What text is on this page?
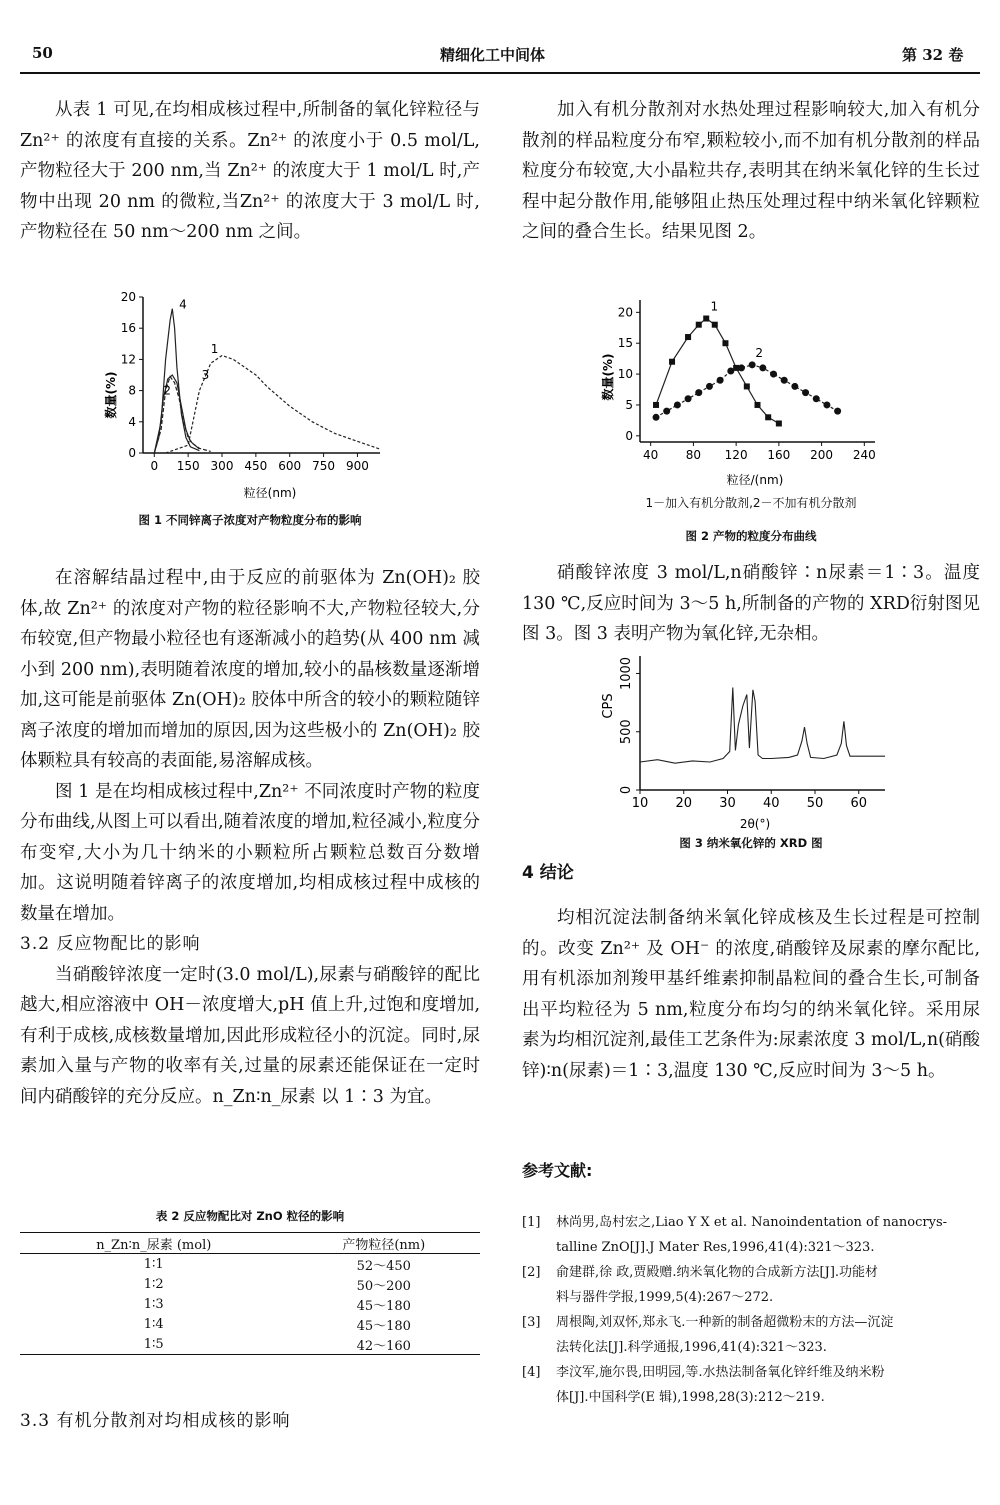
50	精细化工中间体	第 32 卷

从表 1 可见,在均相成核过程中,所制备的氧化锌粒径与 Zn²⁺ 的浓度有直接的关系。Zn²⁺ 的浓度小于 0.5 mol/L,产物粒径大于 200 nm,当 Zn²⁺ 的浓度大于 1 mol/L 时,产物中出现 20 nm 的微粒,当Zn²⁺ 的浓度大于 3 mol/L 时,产物粒径在 50 nm～200 nm 之间。

0 150 300 450 600 750 900
0
4
8
12
16
20
1
2
3
4
数量(%)
粒径(nm)
图 1 不同锌离子浓度对产物粒度分布的影响

在溶解结晶过程中,由于反应的前驱体为 Zn(OH)₂ 胶体,故 Zn²⁺ 的浓度对产物的粒径影响不大,产物粒径较大,分布较宽,但产物最小粒径也有逐渐减小的趋势(从 400 nm 减小到 200 nm),表明随着浓度的增加,较小的晶核数量逐渐增加,这可能是前驱体 Zn(OH)₂ 胶体中所含的较小的颗粒随锌离子浓度的增加而增加的原因,因为这些极小的 Zn(OH)₂ 胶体颗粒具有较高的表面能,易溶解成核。

图 1 是在均相成核过程中,Zn²⁺ 不同浓度时产物的粒度分布曲线,从图上可以看出,随着浓度的增加,粒径减小,粒度分布变窄,大小为几十纳米的小颗粒所占颗粒总数百分数增加。这说明随着锌离子的浓度增加,均相成核过程中成核的数量在增加。

3.2 反应物配比的影响

当硝酸锌浓度一定时(3.0 mol/L),尿素与硝酸锌的配比越大,相应溶液中 OH－浓度增大,pH 值上升,过饱和度增加,有利于成核,成核数量增加,因此形成粒径小的沉淀。同时,尿素加入量与产物的收率有关,过量的尿素还能保证在一定时间内硝酸锌的充分反应。n_Zn∶n_尿素 以 1∶3 为宜。

表 2 反应物配比对 ZnO 粒径的影响
n_Zn∶n_尿素 (mol)	产物粒径(nm)
1∶1	52～450
1∶2	50～200
1∶3	45～180
1∶4	45～180
1∶5	42～160
3.3 有机分散剂对均相成核的影响

加入有机分散剂对水热处理过程影响较大,加入有机分散剂的样品粒度分布窄,颗粒较小,而不加有机分散剂的样品粒度分布较宽,大小晶粒共存,表明其在纳米氧化锌的生长过程中起分散作用,能够阻止热压处理过程中纳米氧化锌颗粒之间的叠合生长。结果见图 2。

40 80 120 160 200 240
0
5
10
15
20	1
2
数量(%)
粒径/(nm)
1－加入有机分散剂,2－不加有机分散剂
图 2 产物的粒度分布曲线

硝酸锌浓度 3 mol/L,n硝酸锌∶n尿素＝1∶3。温度130 ℃,反应时间为 3～5 h,所制备的产物的 XRD衍射图见图 3。图 3 表明产物为氧化锌,无杂相。

10 20 30 40 50 60
0
500
1000
CPS
2θ(°)
图 3 纳米氧化锌的 XRD 图
4 结论

均相沉淀法制备纳米氧化锌成核及生长过程是可控制的。改变 Zn²⁺ 及 OH⁻ 的浓度,硝酸锌及尿素的摩尔配比,用有机添加剂羧甲基纤维素抑制晶粒间的叠合生长,可制备出平均粒径为 5 nm,粒度分布均匀的纳米氧化锌。采用尿素为均相沉淀剂,最佳工艺条件为:尿素浓度 3 mol/L,n(硝酸锌)∶n(尿素)＝1∶3,温度 130 ℃,反应时间为 3～5 h。

参考文献:
[1]	林尚男,岛村宏之,Liao Y X et al. Nanoindentation of nanocrys-
talline ZnO[J].J Mater Res,1996,41(4):321～323.
[2]	俞建群,徐 政,贾殿赠.纳米氧化物的合成新方法[J].功能材
料与器件学报,1999,5(4):267～272.
[3]	周根陶,刘双怀,郑永飞.一种新的制备超微粉末的方法—沉淀
法转化法[J].科学通报,1996,41(4):321～323.
[4]	李汶军,施尔畏,田明园,等.水热法制备氧化锌纤维及纳米粉
体[J].中国科学(E 辑),1998,28(3):212～219.
